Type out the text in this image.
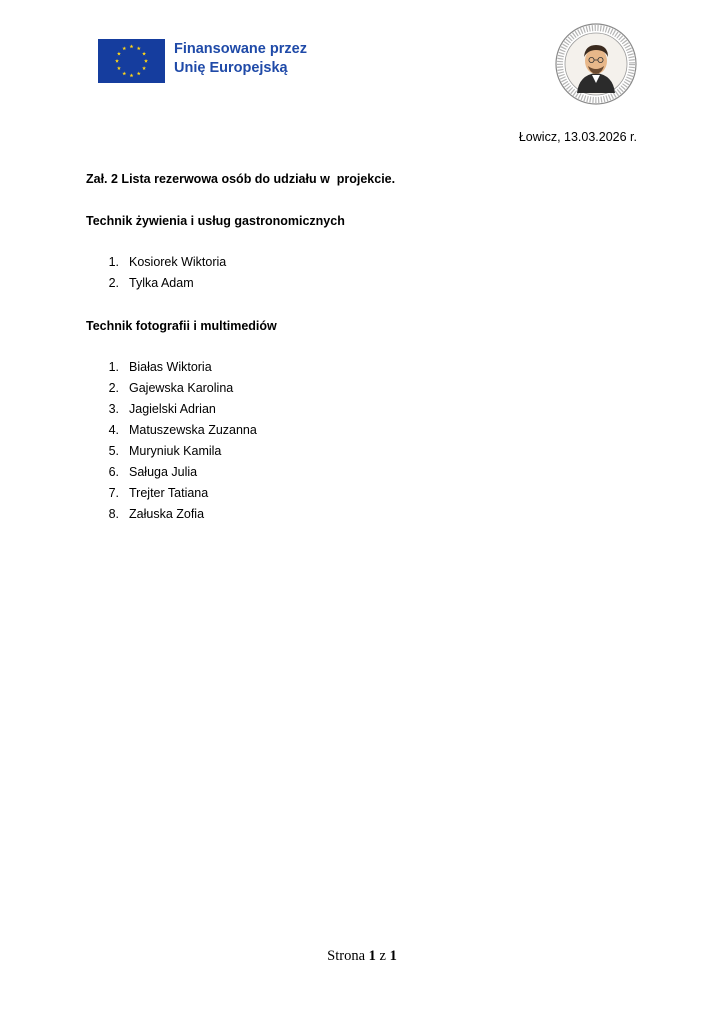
Finansowane przez
Unię Europejską
Łowicz, 13.03.2026 r.
Zał. 2 Lista rezerwowa osób do udziału w  projekcie.
Technik żywienia i usług gastronomicznych
1. Kosiorek Wiktoria
2. Tylka Adam
Technik fotografii i multimediów
1. Białas Wiktoria
2. Gajewska Karolina
3. Jagielski Adrian
4. Matuszewska Zuzanna
5. Muryniuk Kamila
6. Saługa Julia
7. Trejter Tatiana
8. Załuska Zofia
Strona 1 z 1
